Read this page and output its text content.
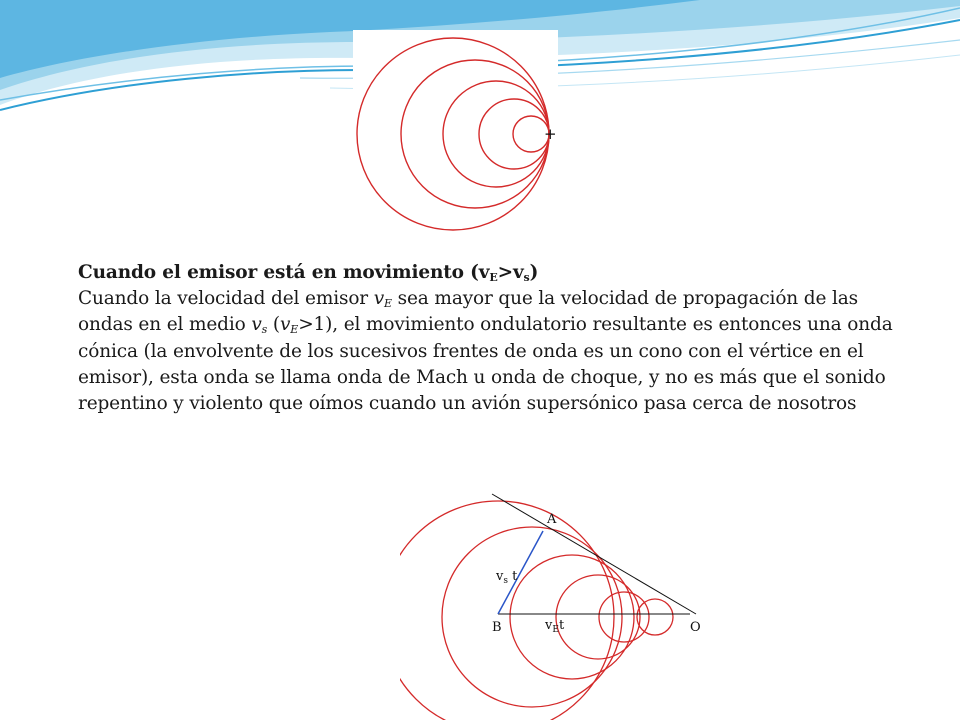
+

Cuando el emisor está en movimiento $(v_E>v_s)$

Cuando la velocidad del emisor $v_E$ sea mayor que la velocidad de propagación de las ondas en el medio $v_s$ $(v_E>1)$, el movimiento ondulatorio resultante es entonces una onda cónica (la envolvente de los sucesivos frentes de onda es un cono con el vértice en el emisor), esta onda se llama onda de Mach u onda de choque, y no es más que el sonido repentino y violento que oímos cuando un avión supersónico pasa cerca de nosotros

A
B	O
$v_s$ t
$v_Et$
